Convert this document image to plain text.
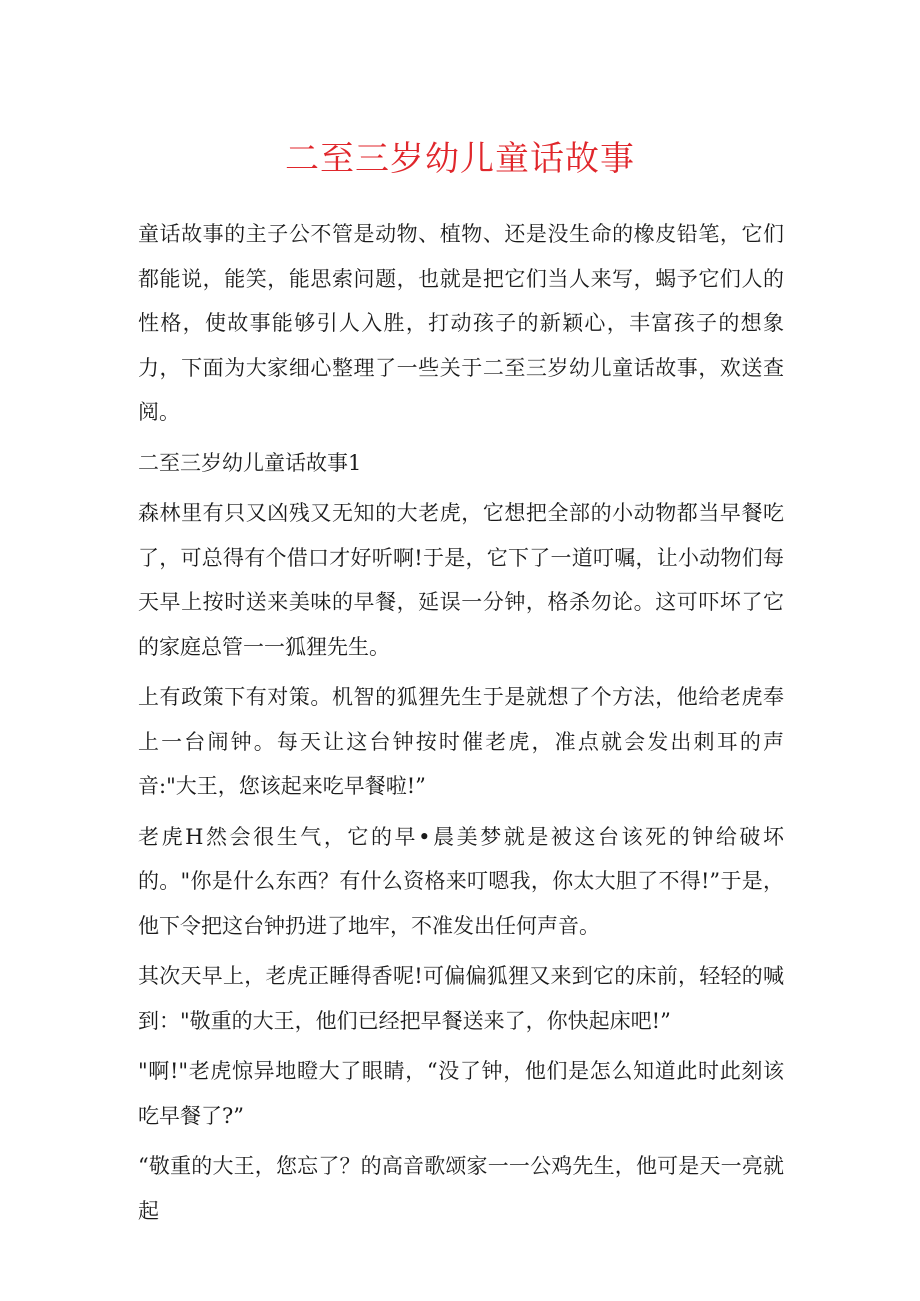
二至三岁幼儿童话故事

童话故事的主子公不管是动物、植物、还是没生命的橡皮铅笔，它们都能说，能笑，能思索问题，也就是把它们当人来写，蝎予它们人的性格，使故事能够引人入胜，打动孩子的新颖心，丰富孩子的想象力，下面为大家细心整理了一些关于二至三岁幼儿童话故事，欢送查阅。

二至三岁幼儿童话故事1

森林里有只又凶残又无知的大老虎，它想把全部的小动物都当早餐吃了，可总得有个借口才好听啊!于是，它下了一道叮嘱，让小动物们每天早上按时送来美味的早餐，延误一分钟，格杀勿论。这可吓坏了它的家庭总管一一狐狸先生。

上有政策下有对策。机智的狐狸先生于是就想了个方法，他给老虎奉上一台闹钟。每天让这台钟按时催老虎，准点就会发出刺耳的声音:"大王，您该起来吃早餐啦!”

老虎H然会很生气，它的早•晨美梦就是被这台该死的钟给破坏的。"你是什么东西？有什么资格来叮嗯我，你太大胆了不得!”于是，他下令把这台钟扔进了地牢，不准发出任何声音。

其次天早上，老虎正睡得香呢!可偏偏狐狸又来到它的床前，轻轻的喊到："敬重的大王，他们已经把早餐送来了，你快起床吧!”

"啊!"老虎惊异地瞪大了眼睛，“没了钟，他们是怎么知道此时此刻该吃早餐了?”

“敬重的大王，您忘了？的高音歌颂家一一公鸡先生，他可是天一亮就起
